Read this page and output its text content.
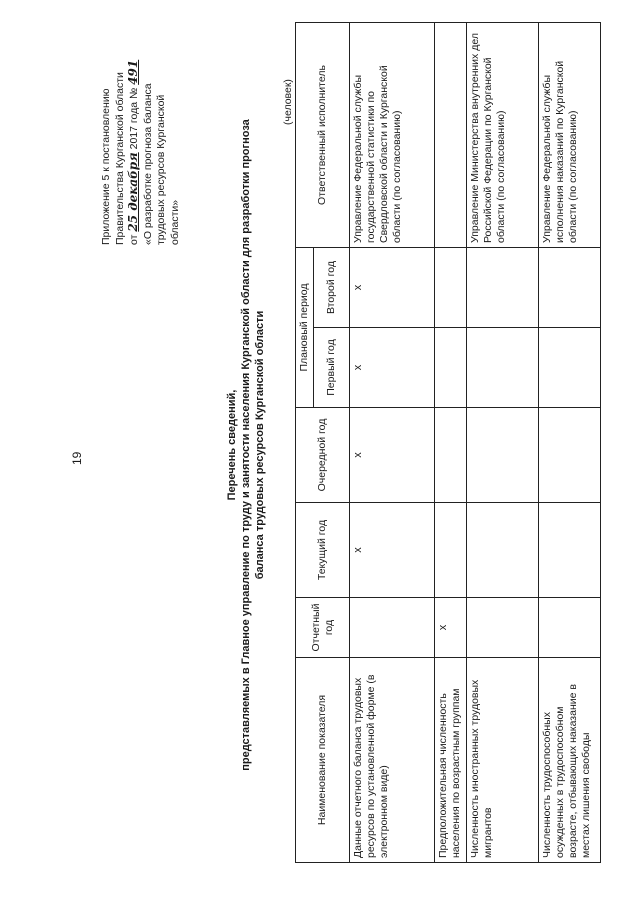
19
Приложение 5 к постановлению Правительства Курганской области от 25 декабря 2017 года № 491
«О разработке прогноза баланса трудовых ресурсов Курганской области»
Перечень сведений, представляемых в Главное управление по труду и занятости населения Курганской области для разработки прогноза баланса трудовых ресурсов Курганской области
(человек)
Наименование показателя	Отчетный год	Текущий год	Очередной год	Плановый период		Ответственный исполнитель
				Первый год	Второй год	
Данные отчетного баланса трудовых ресурсов по установленной форме (в электронном виде)		х	х	х	х	Управление Федеральной службы государственной статистики по Свердловской области и Курганской области (по согласованию)
Предположительная численность населения по возрастным группам	х					
Численность иностранных трудовых мигрантов						Управление Министерства внутренних дел Российской Федерации по Курганской области (по согласованию)
Численность трудоспособных осужденных в трудоспособном возрасте, отбывающих наказание в местах лишения свободы						Управление Федеральной службы исполнения наказаний по Курганской области (по согласованию)
